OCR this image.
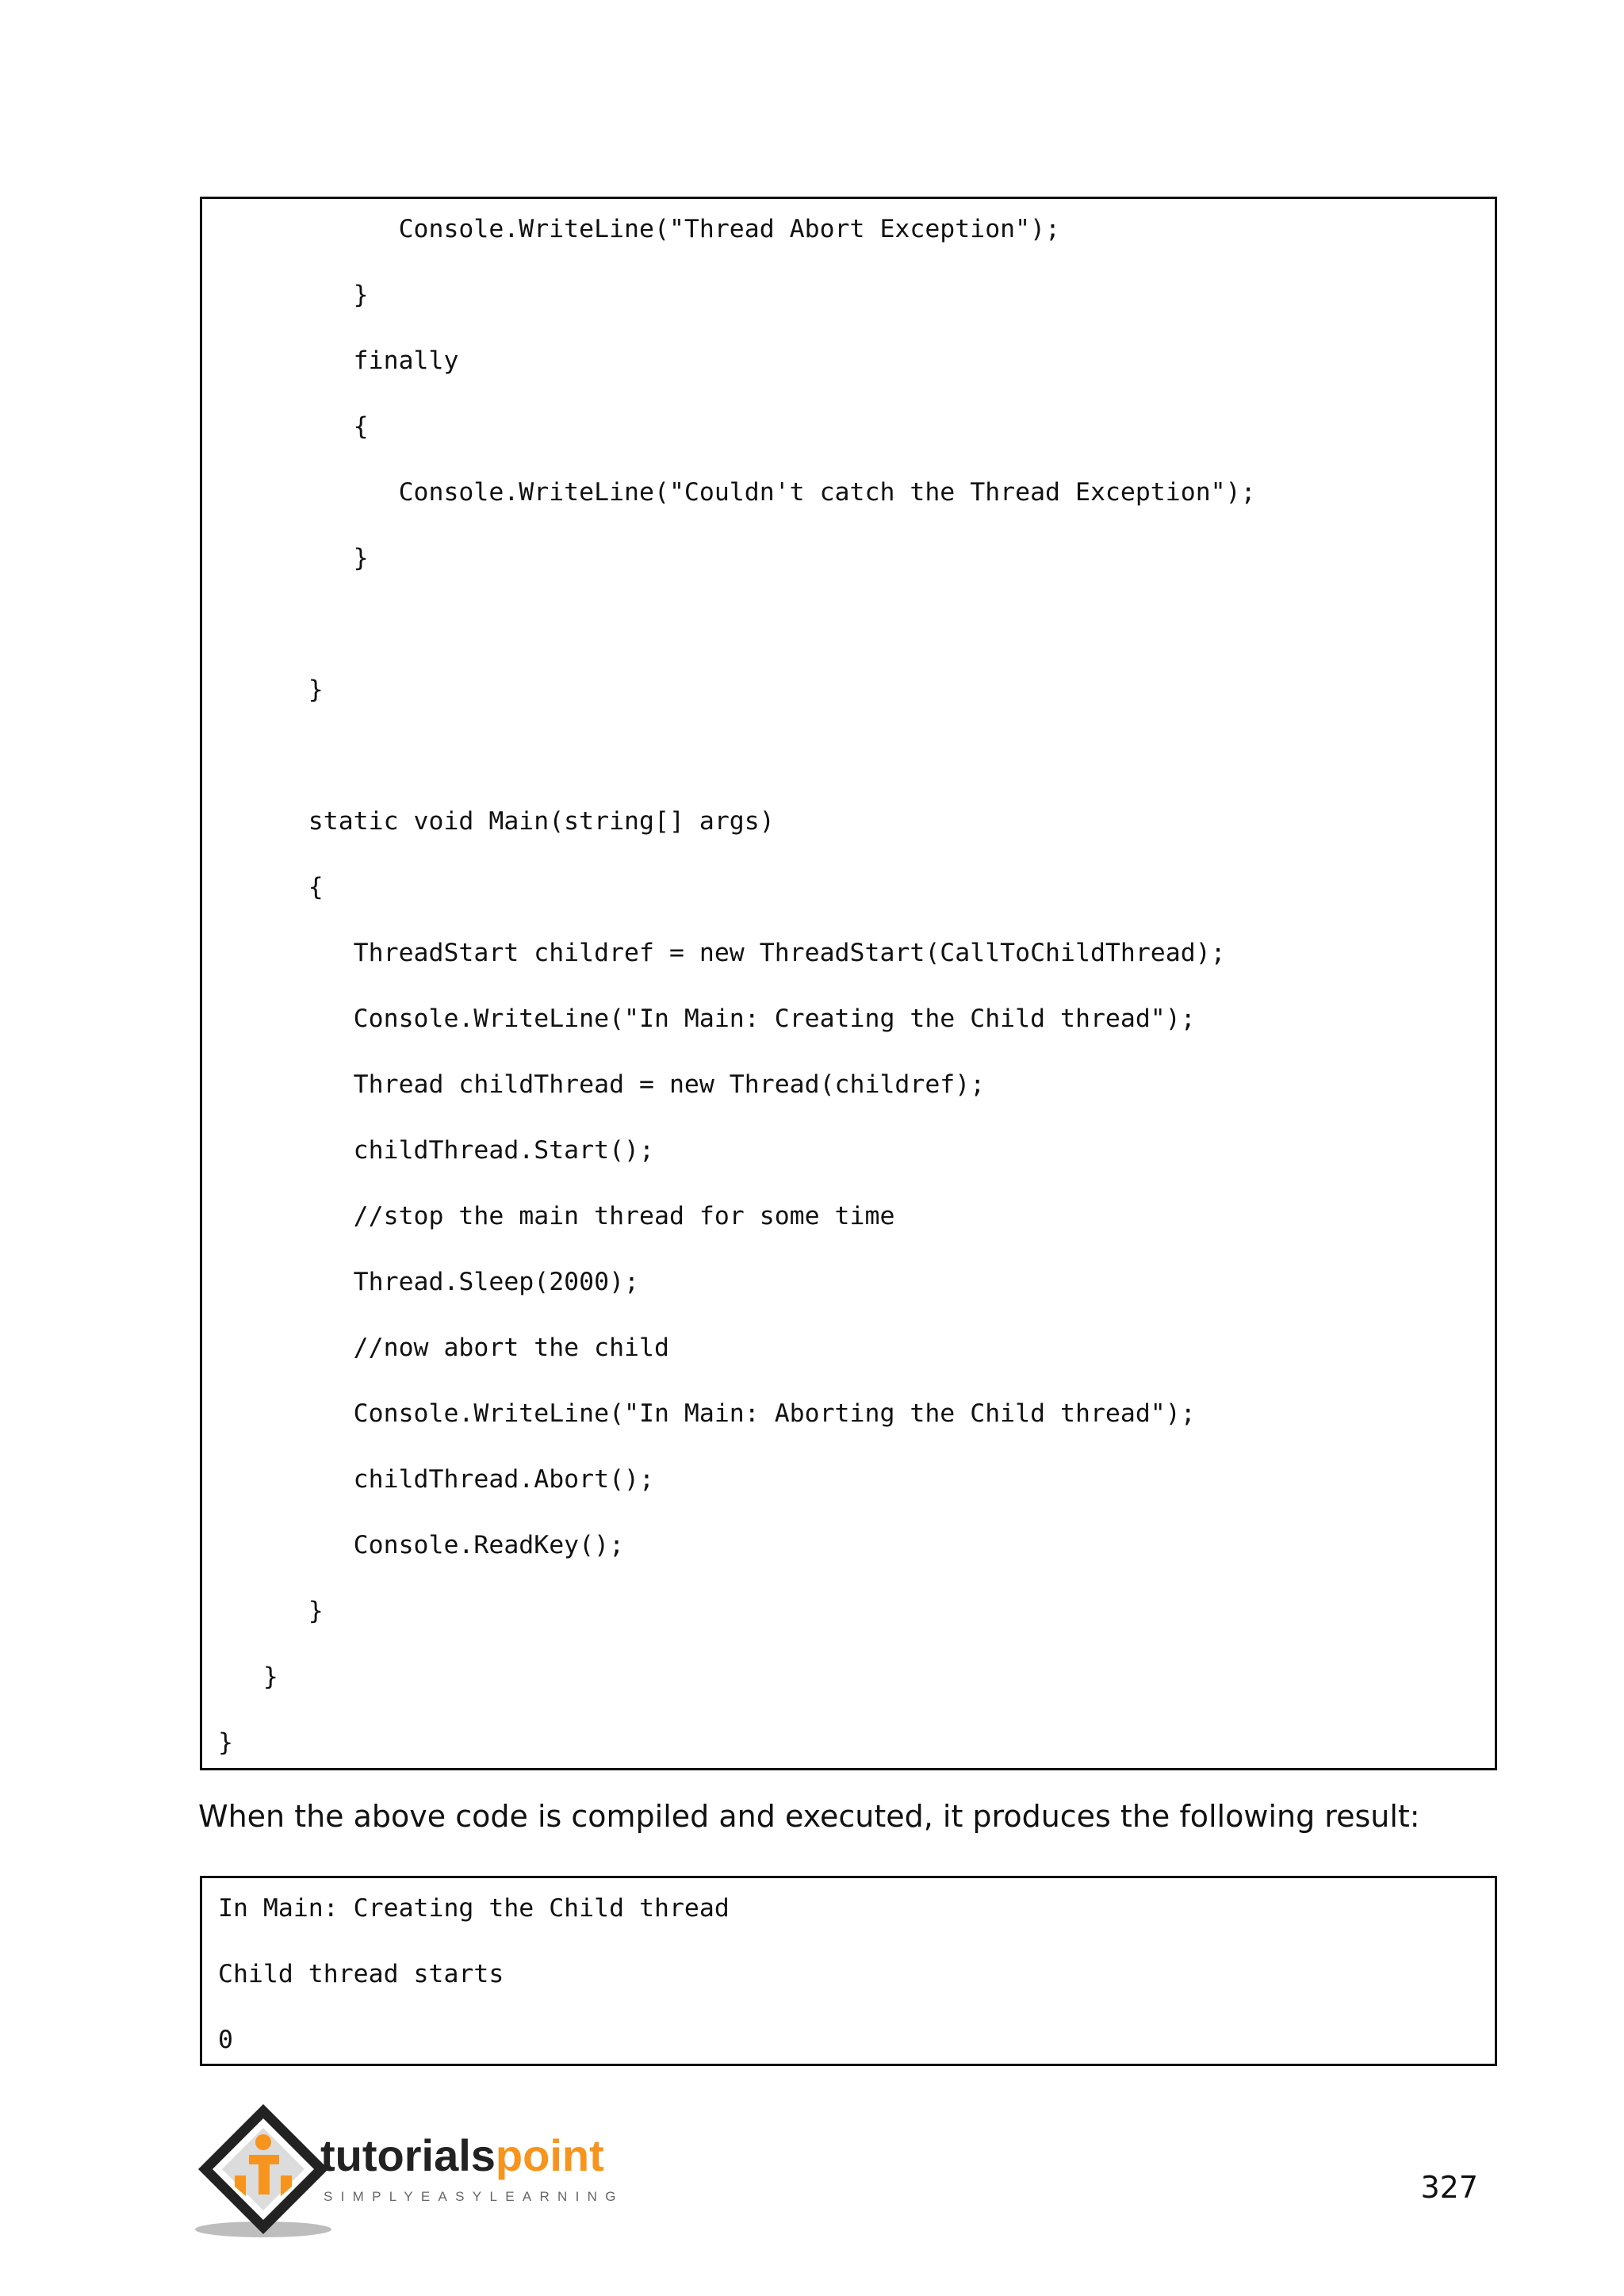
Console.WriteLine("Thread Abort Exception");
}
finally
{
Console.WriteLine("Couldn't catch the Thread Exception");
}
}
static void Main(string[] args)
{
ThreadStart childref = new ThreadStart(CallToChildThread);
Console.WriteLine("In Main: Creating the Child thread");
Thread childThread = new Thread(childref);
childThread.Start();
//stop the main thread for some time
Thread.Sleep(2000);
//now abort the child
Console.WriteLine("In Main: Aborting the Child thread");
childThread.Abort();
Console.ReadKey();
}
}
}

When the above code is compiled and executed, it produces the following result:

In Main: Creating the Child thread
Child thread starts
0
tutorialspoint
SIMPLYEASYLEARNING	327
